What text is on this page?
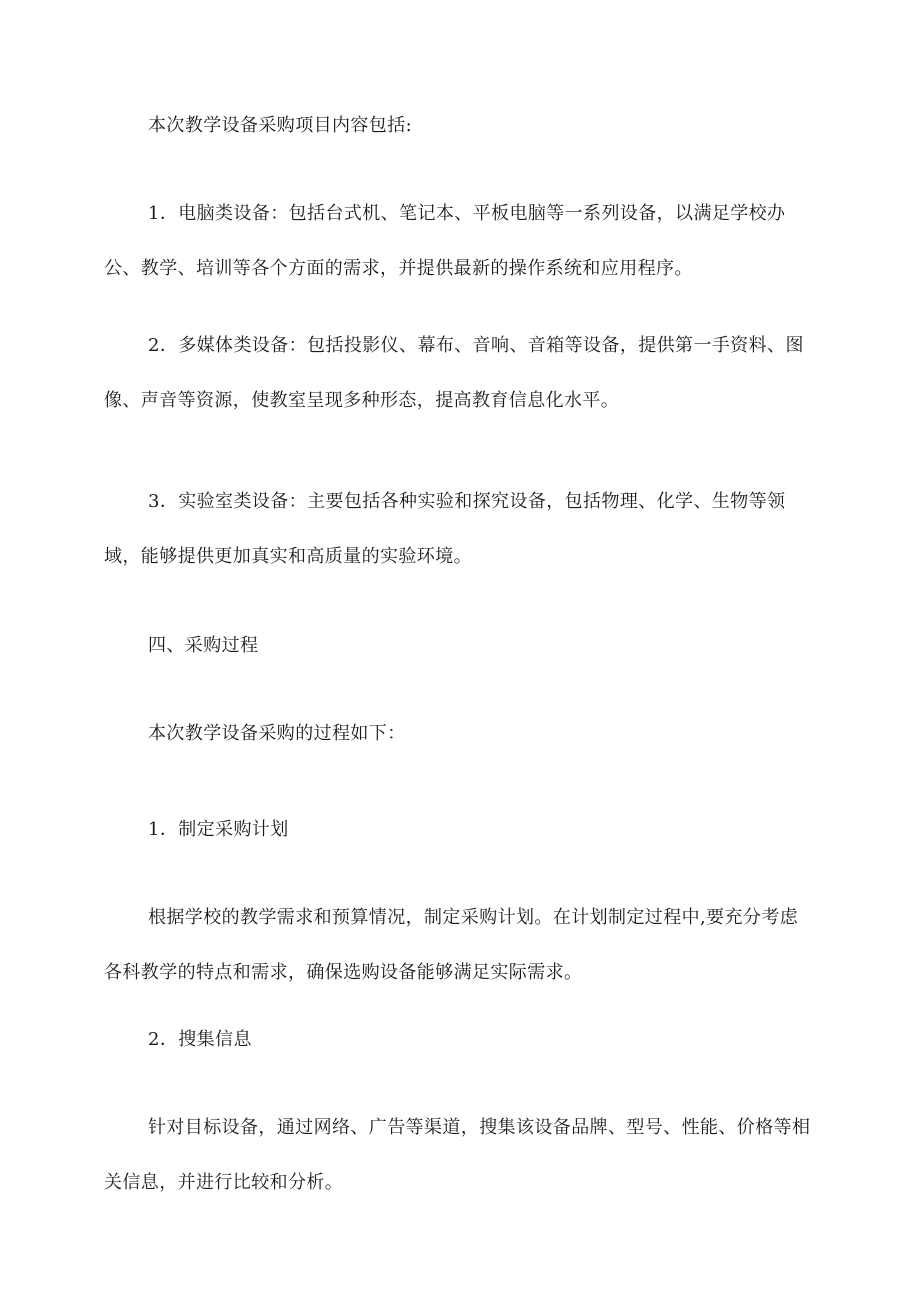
本次教学设备采购项目内容包括:

1．电脑类设备：包括台式机、笔记本、平板电脑等一系列设备，以满足学校办公、教学、培训等各个方面的需求，并提供最新的操作系统和应用程序。

2．多媒体类设备：包括投影仪、幕布、音响、音箱等设备，提供第一手资料、图像、声音等资源，使教室呈现多种形态，提高教育信息化水平。

3．实验室类设备：主要包括各种实验和探究设备，包括物理、化学、生物等领域，能够提供更加真实和高质量的实验环境。

四、采购过程

本次教学设备采购的过程如下：

1．制定采购计划

根据学校的教学需求和预算情况，制定采购计划。在计划制定过程中,要充分考虑各科教学的特点和需求，确保选购设备能够满足实际需求。

2．搜集信息

针对目标设备，通过网络、广告等渠道，搜集该设备品牌、型号、性能、价格等相关信息，并进行比较和分析。
